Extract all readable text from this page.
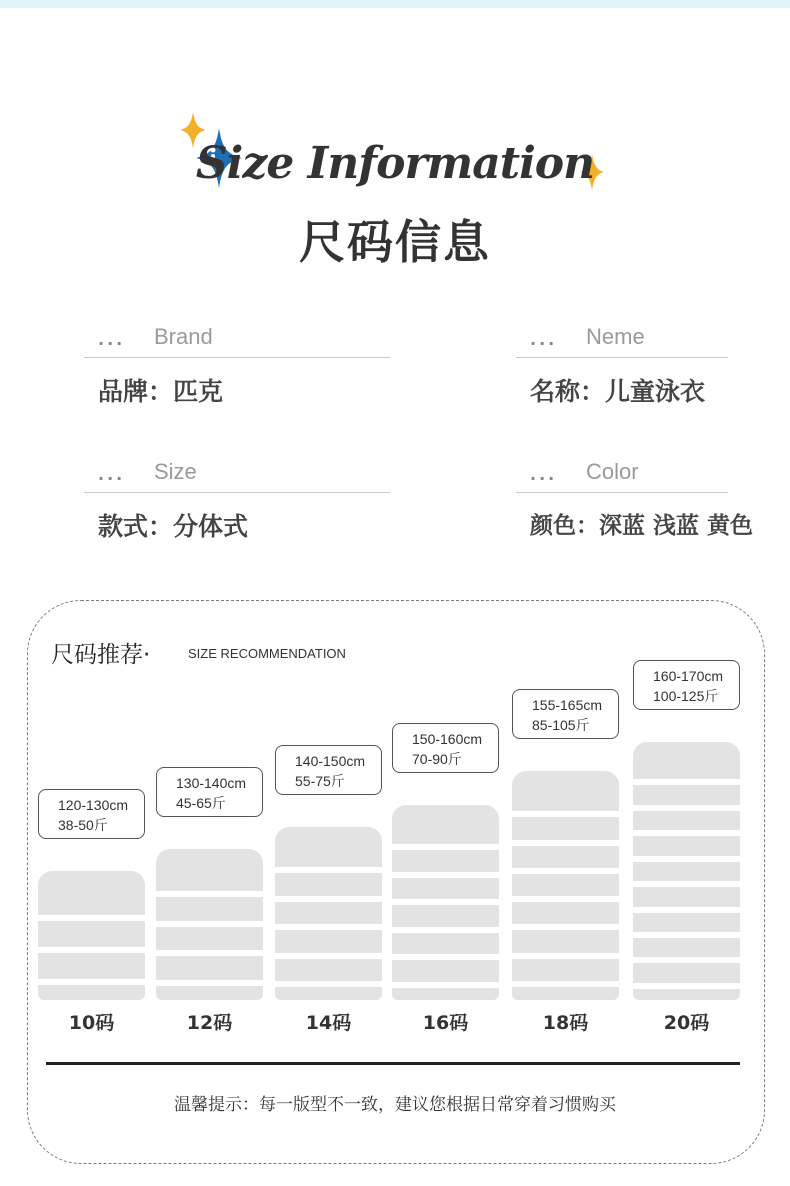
Size Information
尺码信息
... Brand
品牌：匹克
... Neme
名称：儿童泳衣
... Size
款式：分体式
... Color
颜色：深蓝 浅蓝 黄色
尺码推荐·	SIZE RECOMMENDATION
120-130cm
38-50斤
10码
130-140cm
45-65斤
12码
140-150cm
55-75斤
14码
150-160cm
70-90斤
16码
155-165cm
85-105斤
18码
160-170cm
100-125斤
20码
温馨提示：每一版型不一致，建议您根据日常穿着习惯购买
